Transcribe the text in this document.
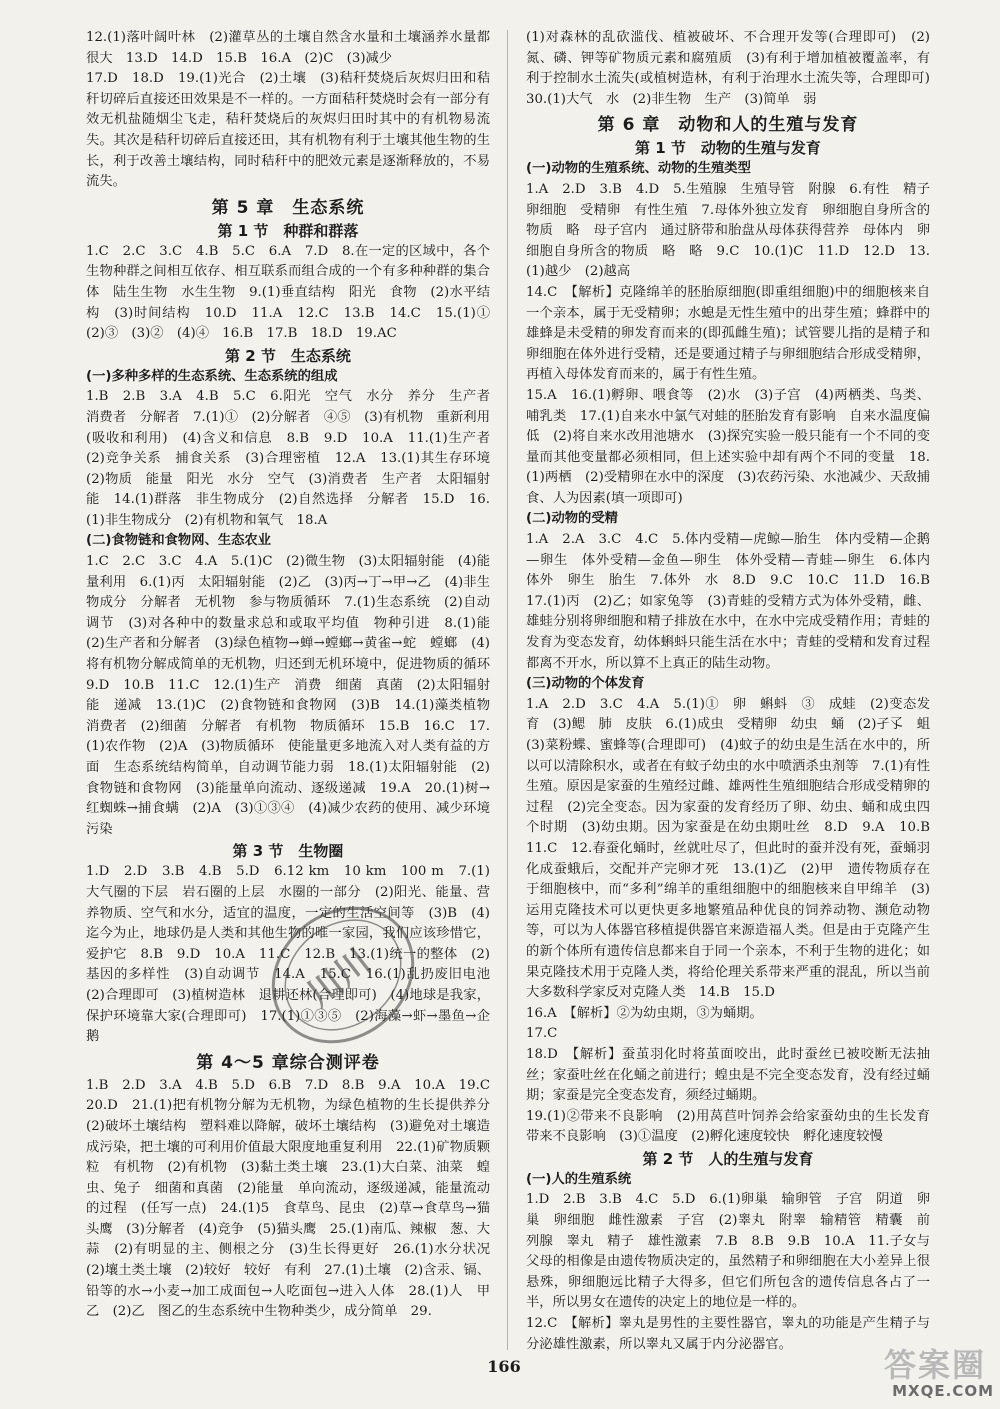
12.(1)落叶阔叶林　(2)灌草丛的土壤自然含水量和土壤涵养水量都很大　13.D　14.D　15.B　16.A　(2)C　(3)减少

17.D　18.D　19.(1)光合　(2)土壤　(3)秸秆焚烧后灰烬归田和秸秆切碎后直接还田效果是不一样的。一方面秸秆焚烧时会有一部分有效无机盐随烟尘飞走，秸秆焚烧后的灰烬归田时其中的有机物易流失。其次是秸秆切碎后直接还田，其有机物有利于土壤其他生物的生长，利于改善土壤结构，同时秸秆中的肥效元素是逐渐释放的，不易流失。

第 5 章　生态系统
第 1 节　种群和群落

1.C　2.C　3.C　4.B　5.C　6.A　7.D　8.在一定的区域中，各个生物种群之间相互依存、相互联系而组合成的一个有多种种群的集合体　陆生生物　水生生物　9.(1)垂直结构　阳光　食物　(2)水平结构　(3)时间结构　10.D　11.A　12.C　13.B　14.C　15.(1)①　(2)③　(3)②　(4)④　16.B　17.B　18.D　19.AC

第 2 节　生态系统
(一)多种多样的生态系统、生态系统的组成

1.B　2.B　3.A　4.B　5.C　6.阳光　空气　水分　养分　生产者　消费者　分解者　7.(1)①　(2)分解者　④⑤　(3)有机物　重新利用(吸收和利用)　(4)含义和信息　8.B　9.D　10.A　11.(1)生产者　(2)竞争关系　捕食关系　(3)合理密植　12.A　13.(1)其生存环境　(2)物质　能量　阳光　水分　空气　(3)消费者　生产者　太阳辐射能　14.(1)群落　非生物成分　(2)自然选择　分解者　15.D　16.(1)非生物成分　(2)有机物和氧气　18.A

(二)食物链和食物网、生态农业

1.C　2.C　3.C　4.A　5.(1)C　(2)微生物　(3)太阳辐射能　(4)能量利用　6.(1)丙　太阳辐射能　(2)乙　(3)丙→丁→甲→乙　(4)非生物成分　分解者　无机物　参与物质循环　7.(1)生态系统　(2)自动调节　(3)对各种中的数量求总和或取平均值　物种引进　8.(1)能　(2)生产者和分解者　(3)绿色植物→蝉→螳螂→黄雀→蛇　螳螂　(4)将有机物分解成简单的无机物，归还到无机环境中，促进物质的循环　9.D　10.B　11.C　12.(1)生产　消费　细菌　真菌　(2)太阳辐射能　递减　13.(1)C　(2)食物链和食物网　(3)B　14.(1)藻类植物　消费者　(2)细菌　分解者　有机物　物质循环　15.B　16.C　17.(1)农作物　(2)A　(3)物质循环　使能量更多地流入对人类有益的方面　生态系统结构简单，自动调节能力弱　18.(1)太阳辐射能　(2)食物链和食物网　(3)能量单向流动、逐级递减　19.A　20.(1)树→红蜘蛛→捕食螨　(2)A　(3)①③④　(4)减少农药的使用、减少环境污染

第 3 节　生物圈

1.D　2.D　3.B　4.B　5.D　6.12 km　10 km　100 m　7.(1)大气圈的下层　岩石圈的上层　水圈的一部分　(2)阳光、能量、营养物质、空气和水分，适宜的温度，一定的生活空间等　(3)B　(4)迄今为止，地球仍是人类和其他生物的唯一家园，我们应该珍惜它，爱护它　8.B　9.D　10.A　11.C　12.B　13.(1)统一的整体　(2)基因的多样性　(3)自动调节　14.A　15.C　16.(1)乱扔废旧电池　(2)合理即可　(3)植树造林　退耕还林(合理即可)　(4)地球是我家，保护环境靠大家(合理即可)　17.(1)①③⑤　(2)海藻→虾→墨鱼→企鹅

第 4～5 章综合测评卷

1.B　2.D　3.A　4.B　5.D　6.B　7.D　8.B　9.A　10.A　19.C　20.D　21.(1)把有机物分解为无机物，为绿色植物的生长提供养分　(2)破坏土壤结构　塑料难以降解，破坏土壤结构　(3)避免对土壤造成污染，把土壤的可利用价值最大限度地重复利用　22.(1)矿物质颗粒　有机物　(2)有机物　(3)黏土类土壤　23.(1)大白菜、油菜　蝗虫、兔子　细菌和真菌　(2)能量　单向流动，逐级递减，能量流动的过程　(任写一点)　24.(1)5　食草鸟、昆虫　(2)草→食草鸟→猫头鹰　(3)分解者　(4)竞争　(5)猫头鹰　25.(1)南瓜、辣椒　葱、大蒜　(2)有明显的主、侧根之分　(3)生长得更好　26.(1)水分状况　(2)壤土类土壤　(2)较好　较好　有利　27.(1)土壤　(2)含汞、镉、铅等的水→小麦→加工成面包→人吃面包→进入人体　28.(1)人　甲　乙　(2)乙　图乙的生态系统中生物种类少，成分简单　29.

(1)对森林的乱砍滥伐、植被破坏、不合理开发等(合理即可)　(2)氮、磷、钾等矿物质元素和腐殖质　(3)有利于增加植被覆盖率，有利于控制水土流失(或植树造林，有利于治理水土流失等，合理即可)　30.(1)大气　水　(2)非生物　生产　(3)简单　弱

第 6 章　动物和人的生殖与发育
第 1 节　动物的生殖与发育
(一)动物的生殖系统、动物的生殖类型

1.A　2.D　3.B　4.D　5.生殖腺　生殖导管　附腺　6.有性　精子　卵细胞　受精卵　有性生殖　7.母体外独立发育　卵细胞自身所含的物质　略　母子宫内　通过脐带和胎盘从母体获得营养　母体内　卵细胞自身所含的物质　略　略　9.C　10.(1)C　11.D　12.D　13.(1)越少　(2)越高

14.C　【解析】克隆绵羊的胚胎原细胞(即重组细胞)中的细胞核来自一个亲本，属于无受精卵；水螅是无性生殖中的出芽生殖；蜂群中的雄蜂是未受精的卵发育而来的(即孤雌生殖)；试管婴儿指的是精子和卵细胞在体外进行受精，还是要通过精子与卵细胞结合形成受精卵，再植入母体发育而来的，属于有性生殖。

15.A　16.(1)孵卵、喂食等　(2)水　(3)子宫　(4)两栖类、鸟类、哺乳类　17.(1)自来水中氯气对蛙的胚胎发育有影响　自来水温度偏低　(2)将自来水改用池塘水　(3)探究实验一般只能有一个不同的变量而其他变量都必须相同，但上述实验中却有两个不同的变量　18.(1)两栖　(2)受精卵在水中的深度　(3)农药污染、水池减少、天敌捕食、人为因素(填一项即可)

(二)动物的受精

1.A　2.A　3.C　4.C　5.体内受精—虎鲸—胎生　体内受精—企鹅—卵生　体外受精—金鱼—卵生　体外受精—青蛙—卵生　6.体内　体外　卵生　胎生　7.体外　水　8.D　9.C　10.C　11.D　16.B　17.(1)丙　(2)乙；如家兔等　(3)青蛙的受精方式为体外受精，雌、雄蛙分别将卵细胞和精子排放在水中，在水中完成受精作用；青蛙的发育为变态发育，幼体蝌蚪只能生活在水中；青蛙的受精和发育过程都离不开水，所以算不上真正的陆生动物。

(三)动物的个体发育

1.A　2.D　3.C　4.A　5.(1)①　卵　蝌蚪　③　成蛙　(2)变态发育　(3)鳃　肺　皮肤　6.(1)成虫　受精卵　幼虫　蛹　(2)孑孓　蛆　(3)菜粉蝶、蜜蜂等(合理即可)　(4)蚊子的幼虫是生活在水中的，所以可以清除积水，或者在有蚊子幼虫的水中喷洒杀虫剂等　7.(1)有性生殖。原因是家蚕的生殖经过雌、雄两性生殖细胞结合形成受精卵的过程　(2)完全变态。因为家蚕的发育经历了卵、幼虫、蛹和成虫四个时期　(3)幼虫期。因为家蚕是在幼虫期吐丝　8.D　9.A　10.B　11.C　12.春蚕化蛹时，丝就吐尽了，但此时的蚕并没有死，蚕蛹羽化成蚕蛾后，交配并产完卵才死　13.(1)乙　(2)甲　遗传物质存在于细胞核中，而“多利”绵羊的重组细胞中的细胞核来自甲绵羊　(3)运用克隆技术可以更快更多地繁殖品种优良的饲养动物、濒危动物等，可以为人体器官移植提供器官来源造福人类。但是由于克隆产生的新个体所有遗传信息都来自于同一个亲本，不利于生物的进化；如果克隆技术用于克隆人类，将给伦理关系带来严重的混乱，所以当前大多数科学家反对克隆人类　14.B　15.D

16.A　【解析】②为幼虫期，③为蛹期。

17.C

18.D　【解析】蚕茧羽化时将茧面咬出，此时蚕丝已被咬断无法抽丝；家蚕吐丝在化蛹之前进行；蝗虫是不完全变态发育，没有经过蛹期；家蚕是完全变态发育，须经过蛹期。

19.(1)②带来不良影响　(2)用莴苣叶饲养会给家蚕幼虫的生长发育带来不良影响　(3)①温度　(2)孵化速度较快　孵化速度较慢

第 2 节　人的生殖与发育
(一)人的生殖系统

1.D　2.B　3.B　4.C　5.D　6.(1)卵巢　输卵管　子宫　阴道　卵巢　卵细胞　雌性激素　子宫　(2)睾丸　附睾　输精管　精囊　前列腺　睾丸　精子　雄性激素　7.B　8.B　9.B　10.A　11.子女与父母的相像是由遗传物质决定的，虽然精子和卵细胞在大小差异上很悬殊，卵细胞远比精子大得多，但它们所包含的遗传信息各占了一半，所以男女在遗传的决定上的地位是一样的。

12.C　【解析】睾丸是男性的主要性器官，睾丸的功能是产生精子与分泌雄性激素，所以睾丸又属于内分泌器官。

川川
166	答案圈
MXQE.COM
